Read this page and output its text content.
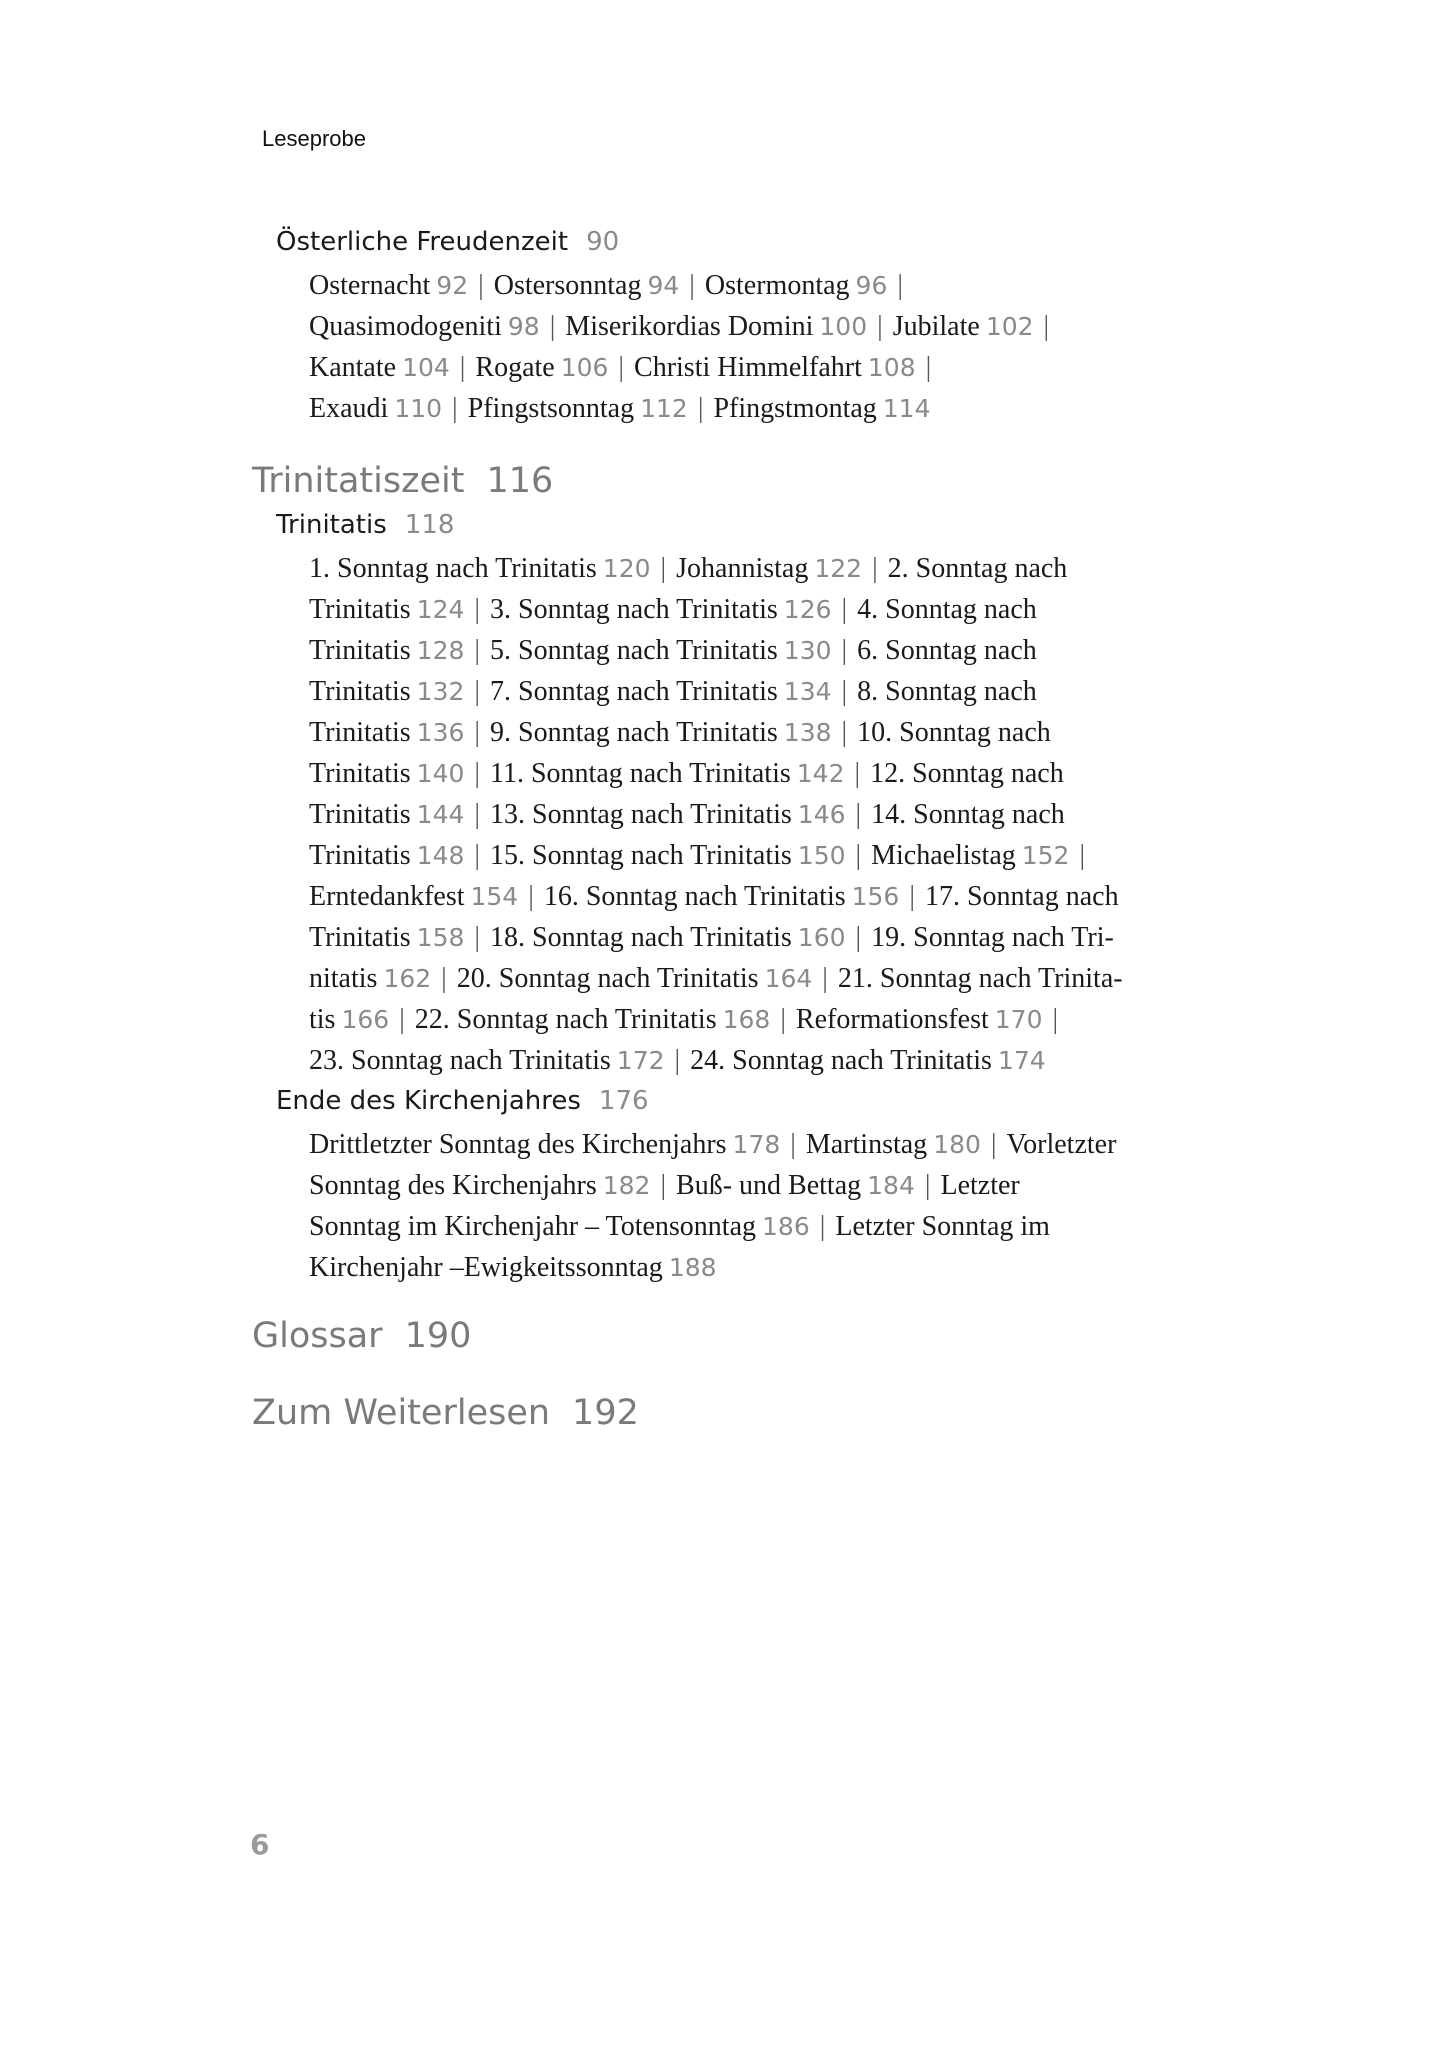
Leseprobe
Österliche Freudenzeit 90
Osternacht 92 | Ostersonntag 94 | Ostermontag 96 |
Quasimodogeniti 98 | Miserikordias Domini 100 | Jubilate 102 |
Kantate 104 | Rogate 106 | Christi Himmelfahrt 108 |
Exaudi 110 | Pfingstsonntag 112 | Pfingstmontag 114
Trinitatiszeit 116
Trinitatis 118
1. Sonntag nach Trinitatis 120 | Johannistag 122 | 2. Sonntag nach
Trinitatis 124 | 3. Sonntag nach Trinitatis 126 | 4. Sonntag nach
Trinitatis 128 | 5. Sonntag nach Trinitatis 130 | 6. Sonntag nach
Trinitatis 132 | 7. Sonntag nach Trinitatis 134 | 8. Sonntag nach
Trinitatis 136 | 9. Sonntag nach Trinitatis 138 | 10. Sonntag nach
Trinitatis 140 | 11. Sonntag nach Trinitatis 142 | 12. Sonntag nach
Trinitatis 144 | 13. Sonntag nach Trinitatis 146 | 14. Sonntag nach
Trinitatis 148 | 15. Sonntag nach Trinitatis 150 | Michaelistag 152 |
Erntedankfest 154 | 16. Sonntag nach Trinitatis 156 | 17. Sonntag nach
Trinitatis 158 | 18. Sonntag nach Trinitatis 160 | 19. Sonntag nach Tri-
nitatis 162 | 20. Sonntag nach Trinitatis 164 | 21. Sonntag nach Trinita-
tis 166 | 22. Sonntag nach Trinitatis 168 | Reformationsfest 170 |
23. Sonntag nach Trinitatis 172 | 24. Sonntag nach Trinitatis 174
Ende des Kirchenjahres 176
Drittletzter Sonntag des Kirchenjahrs 178 | Martinstag 180 | Vorletzter
Sonntag des Kirchenjahrs 182 | Buß- und Bettag 184 | Letzter
Sonntag im Kirchenjahr – Totensonntag 186 | Letzter Sonntag im
Kirchenjahr –Ewigkeitssonntag 188
Glossar 190
Zum Weiterlesen 192
6
